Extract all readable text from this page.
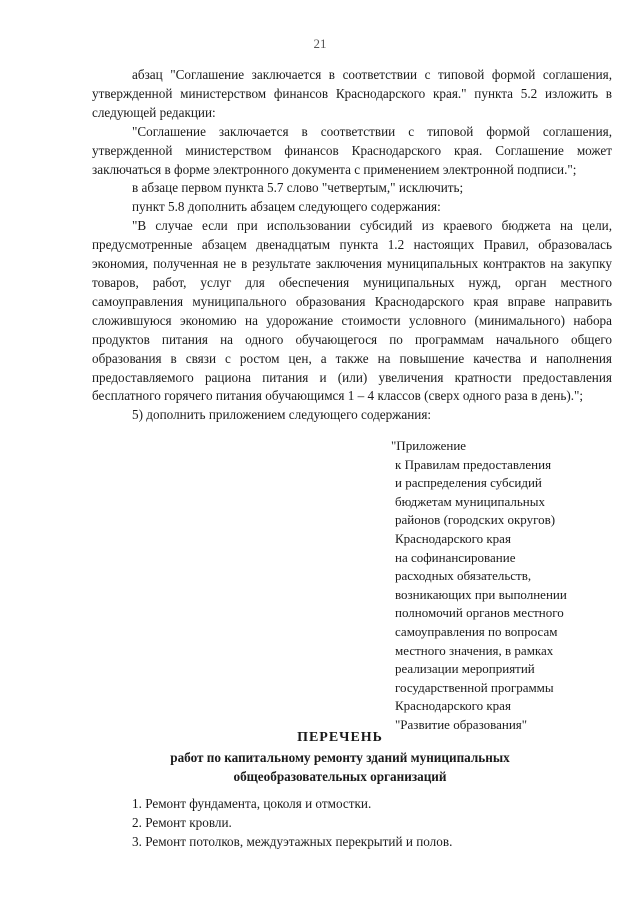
21

абзац "Соглашение заключается в соответствии с типовой формой соглашения, утвержденной министерством финансов Краснодарского края." пункта 5.2 изложить в следующей редакции:

"Соглашение заключается в соответствии с типовой формой соглашения, утвержденной министерством финансов Краснодарского края. Соглашение может заключаться в форме электронного документа с применением электронной подписи.";

в абзаце первом пункта 5.7 слово "четвертым," исключить;

пункт 5.8 дополнить абзацем следующего содержания:

"В случае если при использовании субсидий из краевого бюджета на цели, предусмотренные абзацем двенадцатым пункта 1.2 настоящих Правил, образовалась экономия, полученная не в результате заключения муниципальных контрактов на закупку товаров, работ, услуг для обеспечения муниципальных нужд, орган местного самоуправления муниципального образования Краснодарского края вправе направить сложившуюся экономию на удорожание стоимости условного (минимального) набора продуктов питания на одного обучающегося по программам начального общего образования в связи с ростом цен, а также на повышение качества и наполнения предоставляемого рациона питания и (или) увеличения кратности предоставления бесплатного горячего питания обучающимся 1 – 4 классов (сверх одного раза в день).";

5) дополнить приложением следующего содержания:

"Приложение
к Правилам предоставления
и распределения субсидий
бюджетам муниципальных
районов (городских округов)
Краснодарского края
на софинансирование
расходных обязательств,
возникающих при выполнении
полномочий органов местного
самоуправления по вопросам
местного значения, в рамках
реализации мероприятий
государственной программы
Краснодарского края
"Развитие образования"
ПЕРЕЧЕНЬ
работ по капитальному ремонту зданий муниципальных
общеобразовательных организаций
1. Ремонт фундамента, цоколя и отмостки.
2. Ремонт кровли.
3. Ремонт потолков, междуэтажных перекрытий и полов.
